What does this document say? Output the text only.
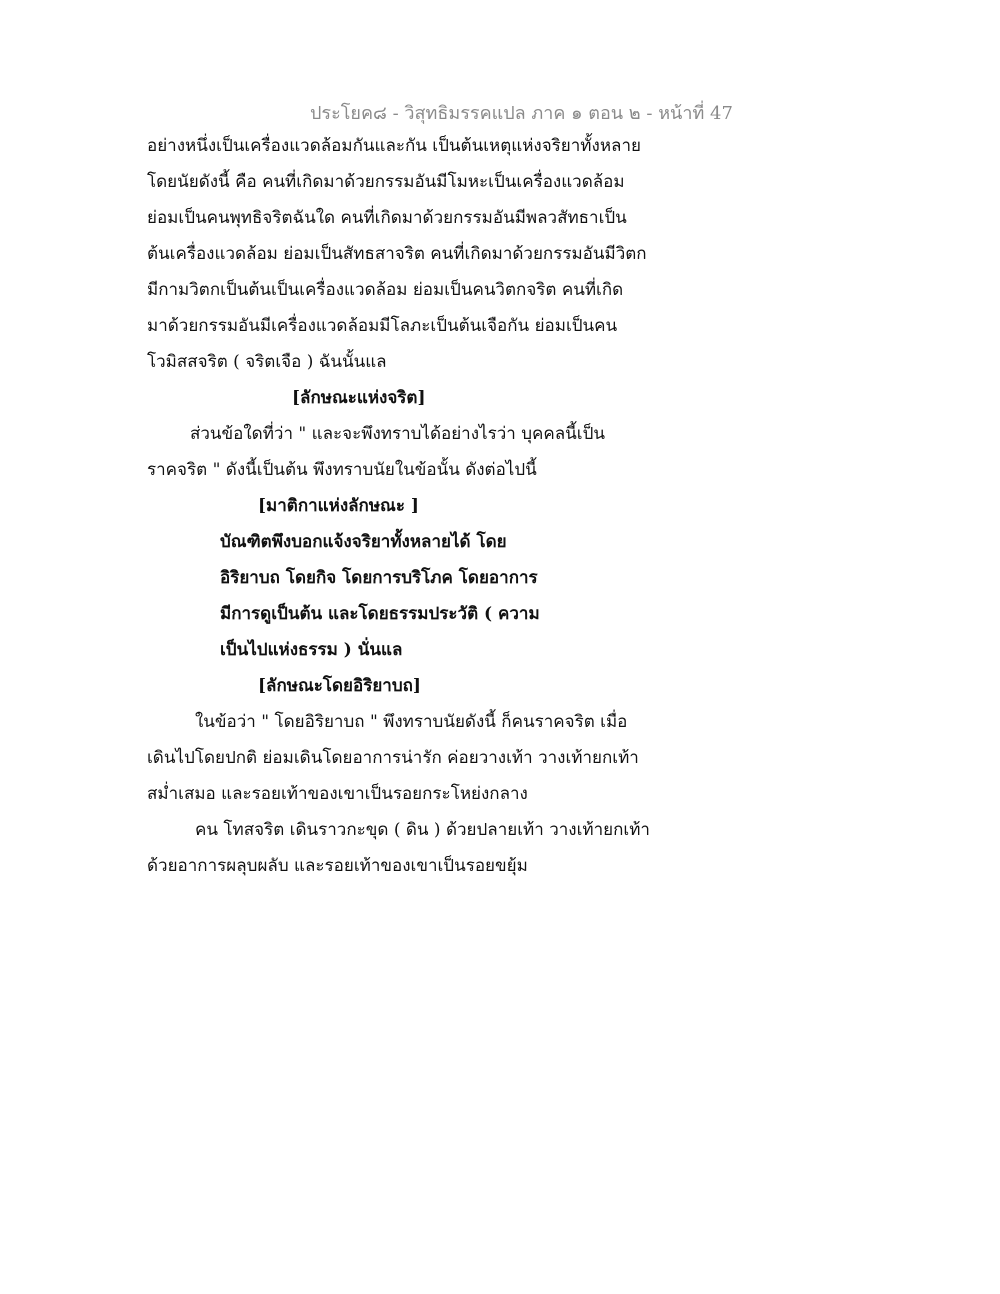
ประโยค๘ - วิสุทธิมรรคแปล ภาค ๑ ตอน ๒ - หน้าที่ 47
อย่างหนึ่งเป็นเครื่องแวดล้อมกันและกัน เป็นต้นเหตุแห่งจริยาทั้งหลาย
โดยนัยดังนี้ คือ คนที่เกิดมาด้วยกรรมอันมีโมหะเป็นเครื่องแวดล้อม
ย่อมเป็นคนพุทธิจริตฉันใด คนที่เกิดมาด้วยกรรมอันมีพลวสัทธาเป็น
ต้นเครื่องแวดล้อม ย่อมเป็นสัทธสาจริต คนที่เกิดมาด้วยกรรมอันมีวิตก
มีกามวิตกเป็นต้นเป็นเครื่องแวดล้อม ย่อมเป็นคนวิตกจริต คนที่เกิด
มาด้วยกรรมอันมีเครื่องแวดล้อมมีโลภะเป็นต้นเจือกัน ย่อมเป็นคน
โวมิสสจริต ( จริตเจือ ) ฉันนั้นแล
[ลักษณะแห่งจริต]
ส่วนข้อใดที่ว่า " และจะพึงทราบได้อย่างไรว่า บุคคลนี้เป็น
ราคจริต " ดังนี้เป็นต้น พึงทราบนัยในข้อนั้น ดังต่อไปนี้
[มาติกาแห่งลักษณะ ]
บัณฑิตพึงบอกแจ้งจริยาทั้งหลายได้ โดย
อิริยาบถ โดยกิจ โดยการบริโภค โดยอาการ
มีการดูเป็นต้น และโดยธรรมประวัติ ( ความ
เป็นไปแห่งธรรม ) นั่นแล
[ลักษณะโดยอิริยาบถ]
ในข้อว่า " โดยอิริยาบถ " พึงทราบนัยดังนี้ ก็คนราคจริต เมื่อ
เดินไปโดยปกติ ย่อมเดินโดยอาการน่ารัก ค่อยวางเท้า วางเท้ายกเท้า
สม่ำเสมอ และรอยเท้าของเขาเป็นรอยกระโหย่งกลาง
คน โทสจริต เดินราวกะขุด ( ดิน ) ด้วยปลายเท้า วางเท้ายกเท้า
ด้วยอาการผลุบผลับ และรอยเท้าของเขาเป็นรอยขยุ้ม
